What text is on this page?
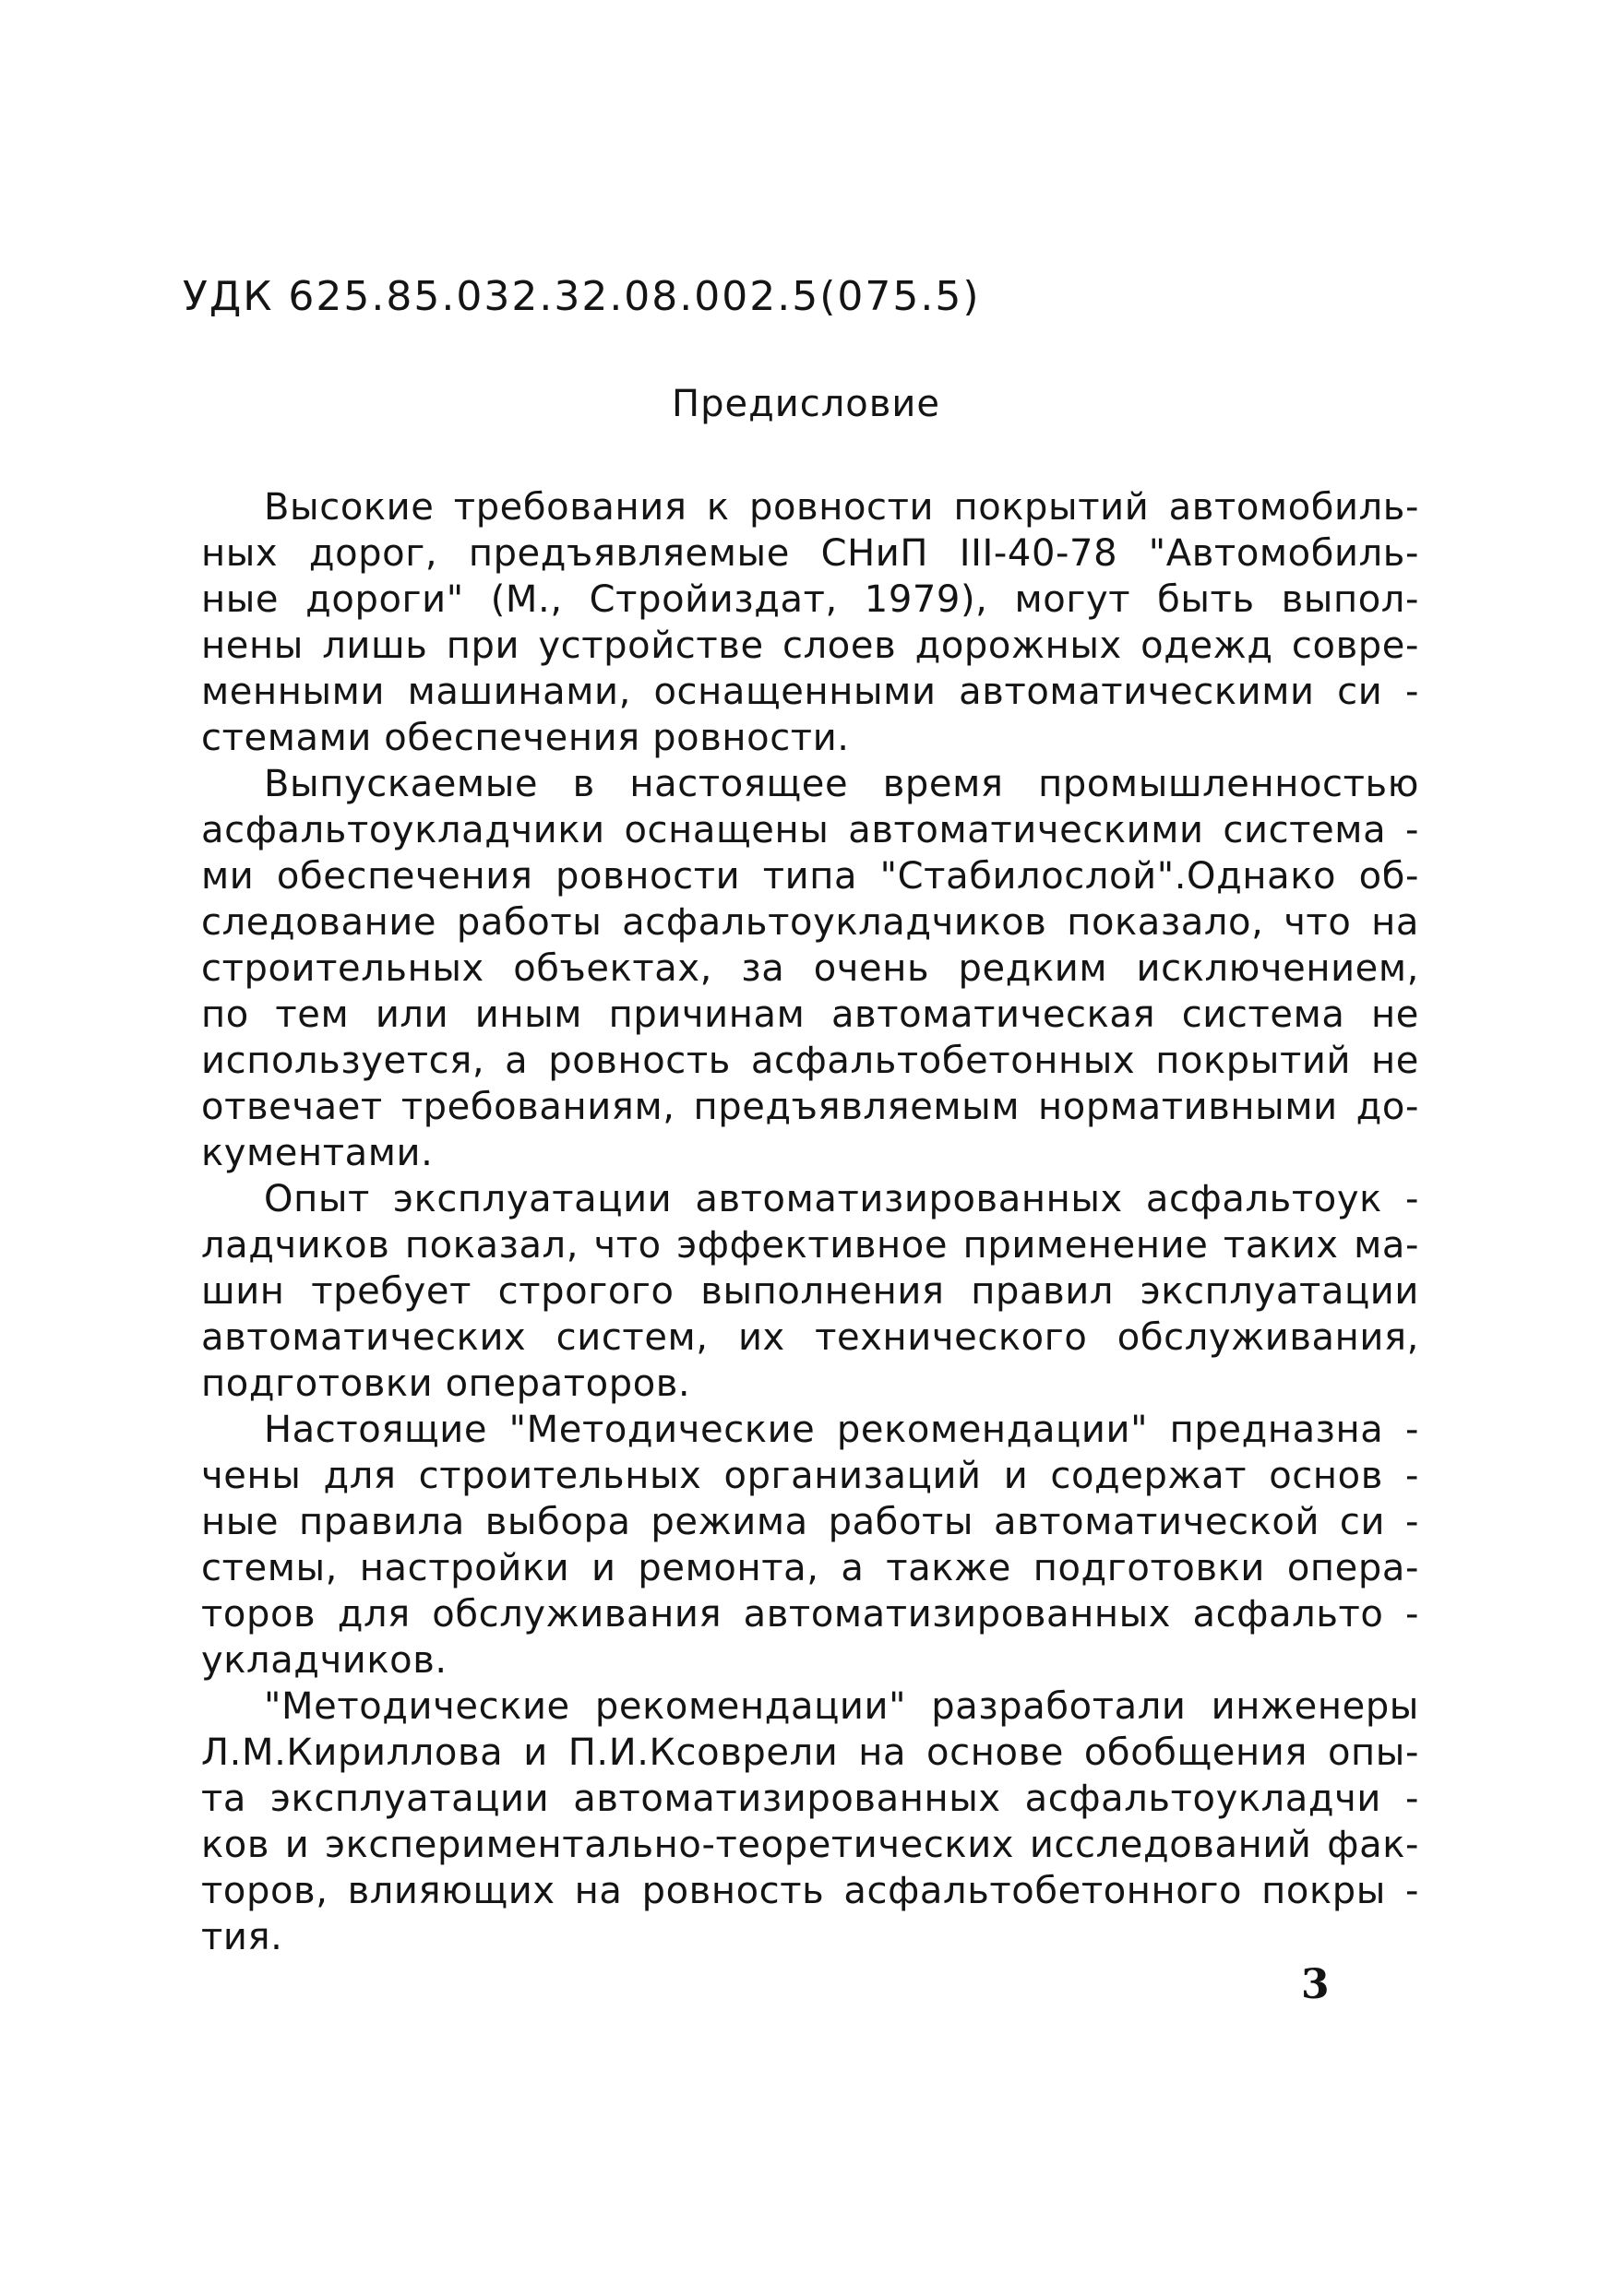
УДК 625.85.032.32.08.002.5(075.5)
Предисловие
Высокие требования к ровности покрытий автомобиль-
ных дорог, предъявляемые СНиП III-40-78 "Автомобиль-
ные дороги" (М., Стройиздат, 1979), могут быть выпол-
нены лишь при устройстве слоев дорожных одежд совре-
менными машинами, оснащенными автоматическими си -
стемами обеспечения ровности.
Выпускаемые в настоящее время промышленностью
асфальтоукладчики оснащены автоматическими система -
ми обеспечения ровности типа "Стабилослой".Однако об-
следование работы асфальтоукладчиков показало, что на
строительных объектах, за очень редким исключением,
по тем или иным причинам автоматическая система не
используется, а ровность асфальтобетонных покрытий не
отвечает требованиям, предъявляемым нормативными до-
кументами.
Опыт эксплуатации автоматизированных асфальтоук -
ладчиков показал, что эффективное применение таких ма-
шин требует строгого выполнения правил эксплуатации
автоматических систем, их технического обслуживания,
подготовки операторов.
Настоящие "Методические рекомендации" предназна -
чены для строительных организаций и содержат основ -
ные правила выбора режима работы автоматической си -
стемы, настройки и ремонта, а также подготовки опера-
торов для обслуживания автоматизированных асфальто -
укладчиков.
"Методические рекомендации" разработали инженеры
Л.М.Кириллова и П.И.Ксоврели на основе обобщения опы-
та эксплуатации автоматизированных асфальтоукладчи -
ков и экспериментально-теоретических исследований фак-
торов, влияющих на ровность асфальтобетонного покры -
тия.
3
